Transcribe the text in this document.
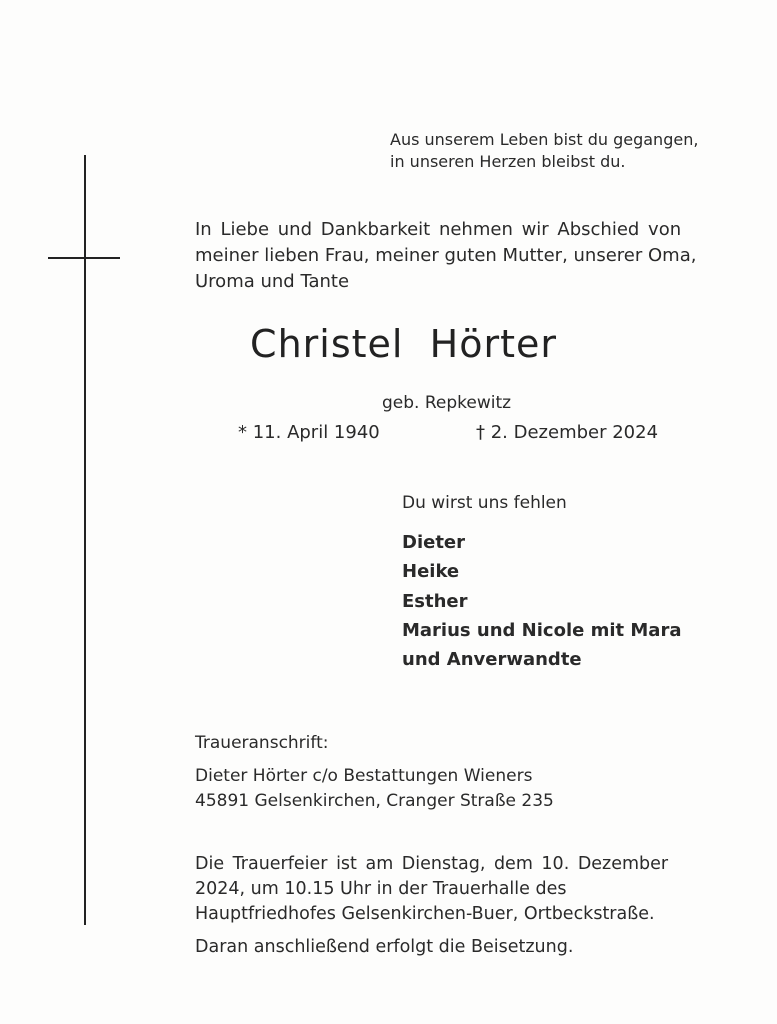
Aus unserem Leben bist du gegangen,
in unseren Herzen bleibst du.
In Liebe und Dankbarkeit nehmen wir Abschied von
meiner lieben Frau, meiner guten Mutter, unserer Oma,
Uroma und Tante
Christel  Hörter
geb. Repkewitz
* 11. April 1940	† 2. Dezember 2024
Du wirst uns fehlen
Dieter
Heike
Esther
Marius und Nicole mit Mara
und Anverwandte
Traueranschrift:
Dieter Hörter c/o Bestattungen Wieners
45891 Gelsenkirchen, Cranger Straße 235
Die Trauerfeier ist am Dienstag, dem 10. Dezember
2024, um 10.15 Uhr in der Trauerhalle des
Hauptfriedhofes Gelsenkirchen-Buer, Ortbeckstraße.
Daran anschließend erfolgt die Beisetzung.
